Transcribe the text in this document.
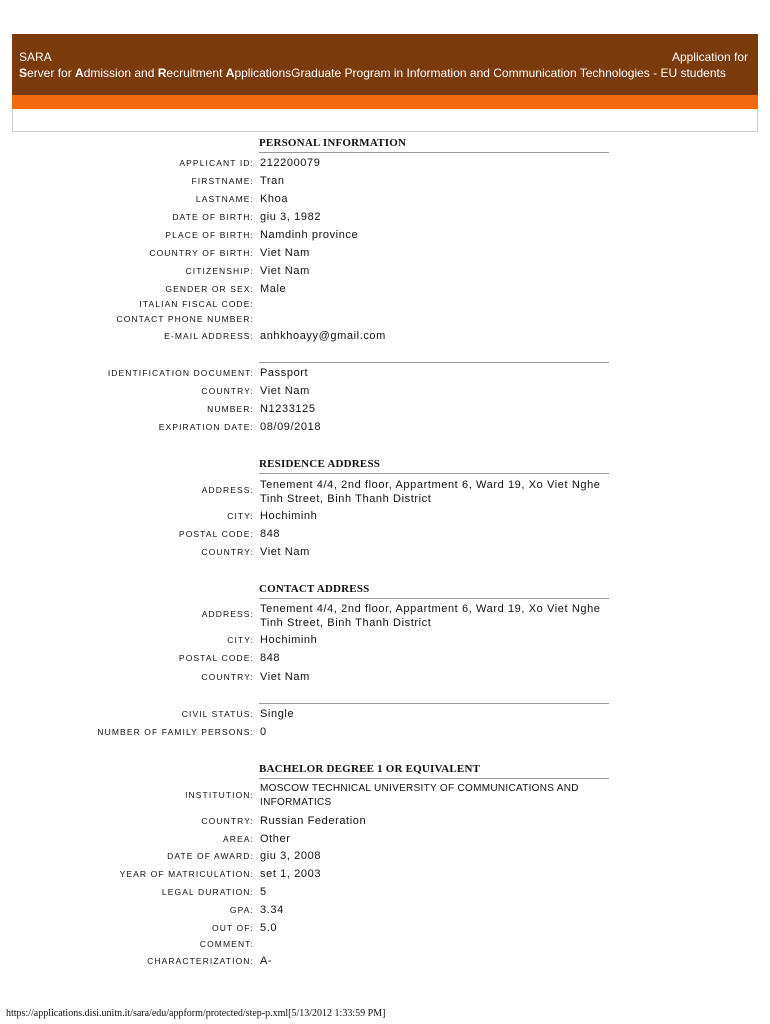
SARA	Application for
Server for Admission and Recruitment ApplicationsGraduate Program in Information and Communication Technologies - EU students
PERSONAL INFORMATION
APPLICANT ID: 212200079
FIRSTNAME: Tran
LASTNAME: Khoa
DATE OF BIRTH: giu 3, 1982
PLACE OF BIRTH: Namdinh province
COUNTRY OF BIRTH: Viet Nam
CITIZENSHIP: Viet Nam
GENDER OR SEX: Male
ITALIAN FISCAL CODE:
CONTACT PHONE NUMBER:
E-MAIL ADDRESS: anhkhoayy@gmail.com
IDENTIFICATION DOCUMENT: Passport
COUNTRY: Viet Nam
NUMBER: N1233125
EXPIRATION DATE: 08/09/2018
RESIDENCE ADDRESS
ADDRESS: Tenement 4/4, 2nd floor, Appartment 6, Ward 19, Xo Viet Nghe Tinh Street, Binh Thanh District
CITY: Hochiminh
POSTAL CODE: 848
COUNTRY: Viet Nam
CONTACT ADDRESS
ADDRESS: Tenement 4/4, 2nd floor, Appartment 6, Ward 19, Xo Viet Nghe Tinh Street, Binh Thanh District
CITY: Hochiminh
POSTAL CODE: 848
COUNTRY: Viet Nam
CIVIL STATUS: Single
NUMBER OF FAMILY PERSONS: 0
BACHELOR DEGREE 1 OR EQUIVALENT
INSTITUTION:
MOSCOW TECHNICAL UNIVERSITY OF COMMUNICATIONS AND INFORMATICS
COUNTRY: Russian Federation
AREA: Other
DATE OF AWARD: giu 3, 2008
YEAR OF MATRICULATION: set 1, 2003
LEGAL DURATION: 5
GPA: 3.34
OUT OF: 5.0
COMMENT:
CHARACTERIZATION: A-
https://applications.disi.unitn.it/sara/edu/appform/protected/step-p.xml[5/13/2012 1:33:59 PM]
